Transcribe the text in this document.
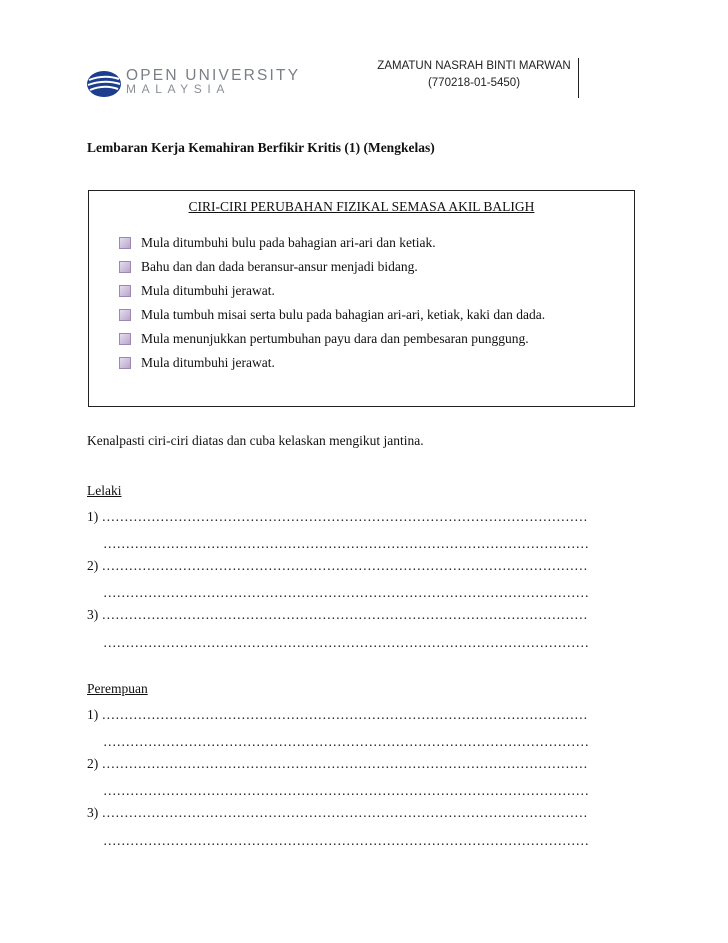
OPEN UNIVERSITY
MALAYSIA
ZAMATUN NASRAH BINTI MARWAN
(770218-01-5450)
Lembaran Kerja Kemahiran Berfikir Kritis (1) (Mengkelas)
CIRI-CIRI PERUBAHAN FIZIKAL SEMASA AKIL BALIGH
Mula ditumbuhi bulu pada bahagian ari-ari dan ketiak.
Bahu dan dan dada beransur-ansur menjadi bidang.
Mula ditumbuhi jerawat.
Mula tumbuh misai serta bulu pada bahagian ari-ari, ketiak, kaki dan dada.
Mula menunjukkan pertumbuhan payu dara dan pembesaran punggung.
Mula ditumbuhi jerawat.
Kenalpasti ciri-ciri diatas dan cuba kelaskan mengikut jantina.
Lelaki
1) ………………………………………………………………………………………………
………………………………………………………………………………………………
2) ………………………………………………………………………………………………
………………………………………………………………………………………………
3) ………………………………………………………………………………………………
………………………………………………………………………………………………
Perempuan
1) ………………………………………………………………………………………………
………………………………………………………………………………………………
2) ………………………………………………………………………………………………
………………………………………………………………………………………………
3) ………………………………………………………………………………………………
………………………………………………………………………………………………
